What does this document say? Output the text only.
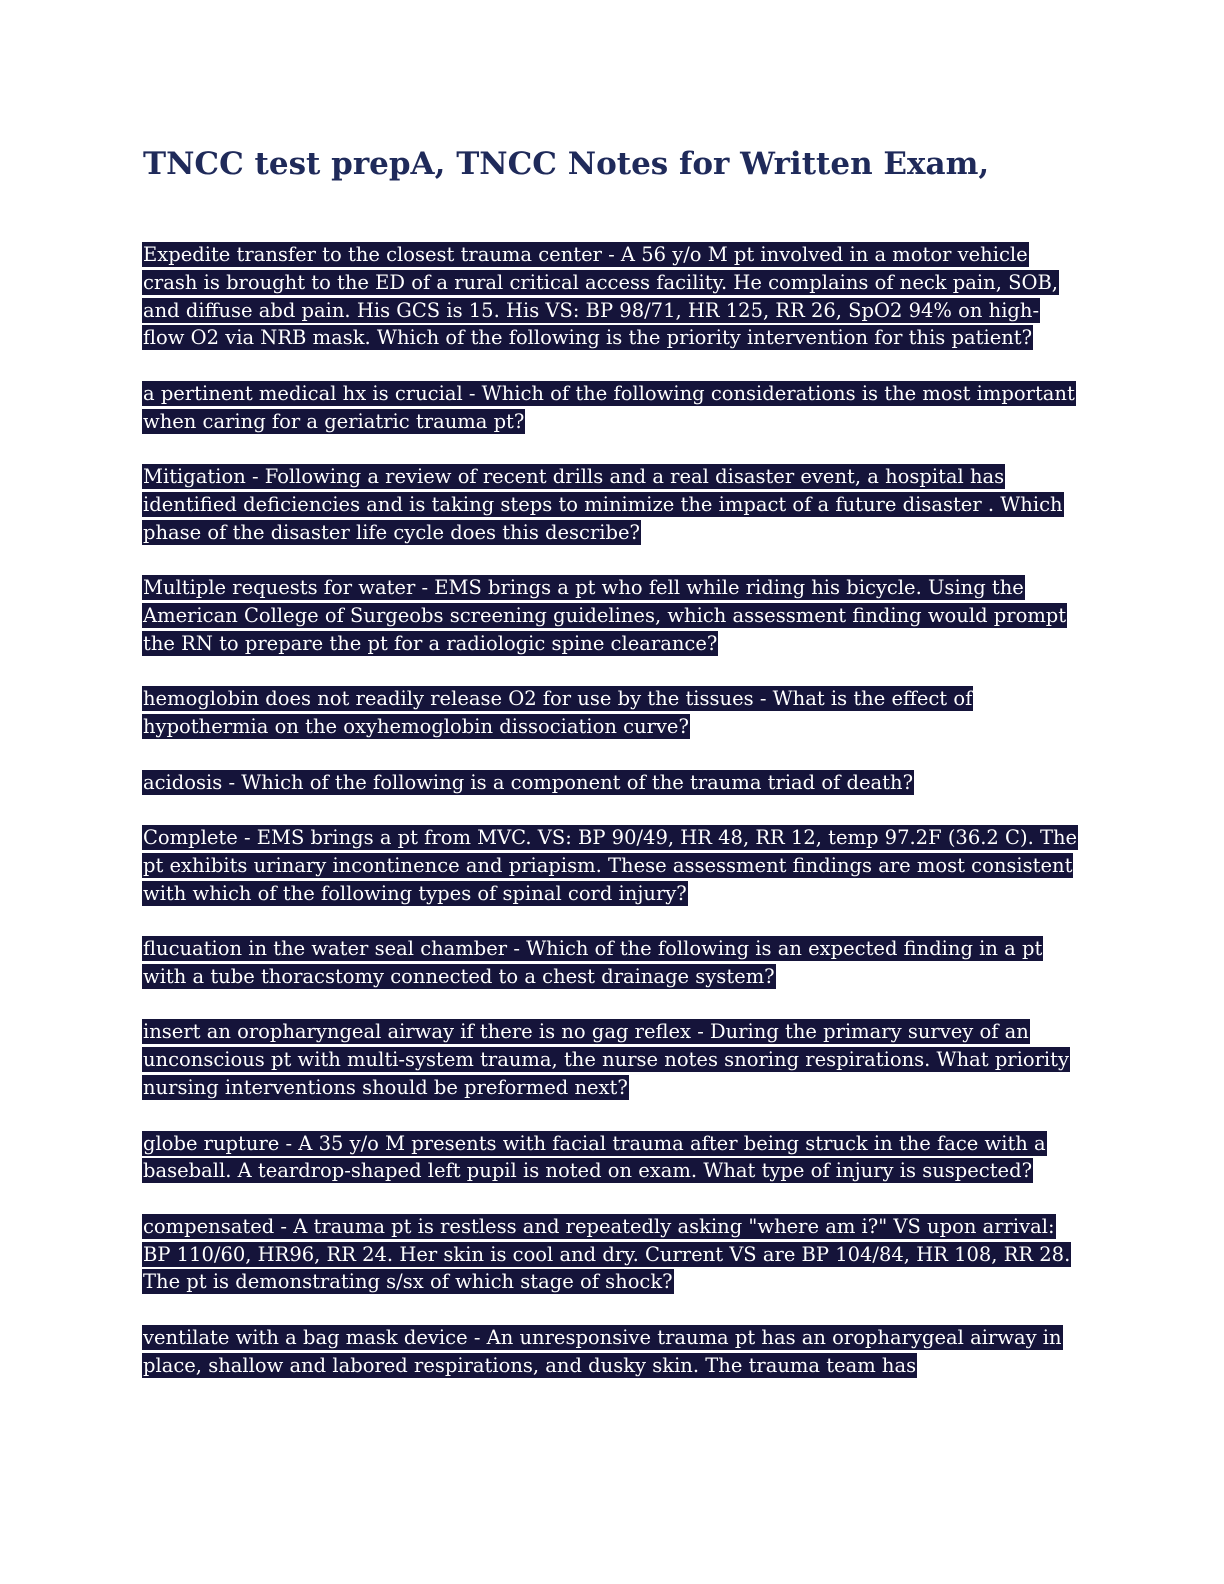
TNCC test prepA, TNCC Notes for Written Exam,

Expedite transfer to the closest trauma center - A 56 y/o M pt involved in a motor vehicle crash is brought to the ED of a rural critical access facility. He complains of neck pain, SOB, and diffuse abd pain. His GCS is 15. His VS: BP 98/71, HR 125, RR 26, SpO2 94% on high-flow O2 via NRB mask. Which of the following is the priority intervention for this patient?

a pertinent medical hx is crucial - Which of the following considerations is the most important when caring for a geriatric trauma pt?

Mitigation - Following a review of recent drills and a real disaster event, a hospital has identified deficiencies and is taking steps to minimize the impact of a future disaster . Which phase of the disaster life cycle does this describe?

Multiple requests for water - EMS brings a pt who fell while riding his bicycle. Using the American College of Surgeobs screening guidelines, which assessment finding would prompt the RN to prepare the pt for a radiologic spine clearance?

hemoglobin does not readily release O2 for use by the tissues - What is the effect of hypothermia on the oxyhemoglobin dissociation curve?

acidosis - Which of the following is a component of the trauma triad of death?

Complete - EMS brings a pt from MVC. VS: BP 90/49, HR 48, RR 12, temp 97.2F (36.2 C). The pt exhibits urinary incontinence and priapism. These assessment findings are most consistent with which of the following types of spinal cord injury?

flucuation in the water seal chamber - Which of the following is an expected finding in a pt with a tube thoracstomy connected to a chest drainage system?

insert an oropharyngeal airway if there is no gag reflex - During the primary survey of an unconscious pt with multi-system trauma, the nurse notes snoring respirations. What priority nursing interventions should be preformed next?

globe rupture - A 35 y/o M presents with facial trauma after being struck in the face with a baseball. A teardrop-shaped left pupil is noted on exam. What type of injury is suspected?

compensated - A trauma pt is restless and repeatedly asking "where am i?" VS upon arrival: BP 110/60, HR96, RR 24. Her skin is cool and dry. Current VS are BP 104/84, HR 108, RR 28. The pt is demonstrating s/sx of which stage of shock?

ventilate with a bag mask device - An unresponsive trauma pt has an oropharygeal airway in place, shallow and labored respirations, and dusky skin. The trauma team has
